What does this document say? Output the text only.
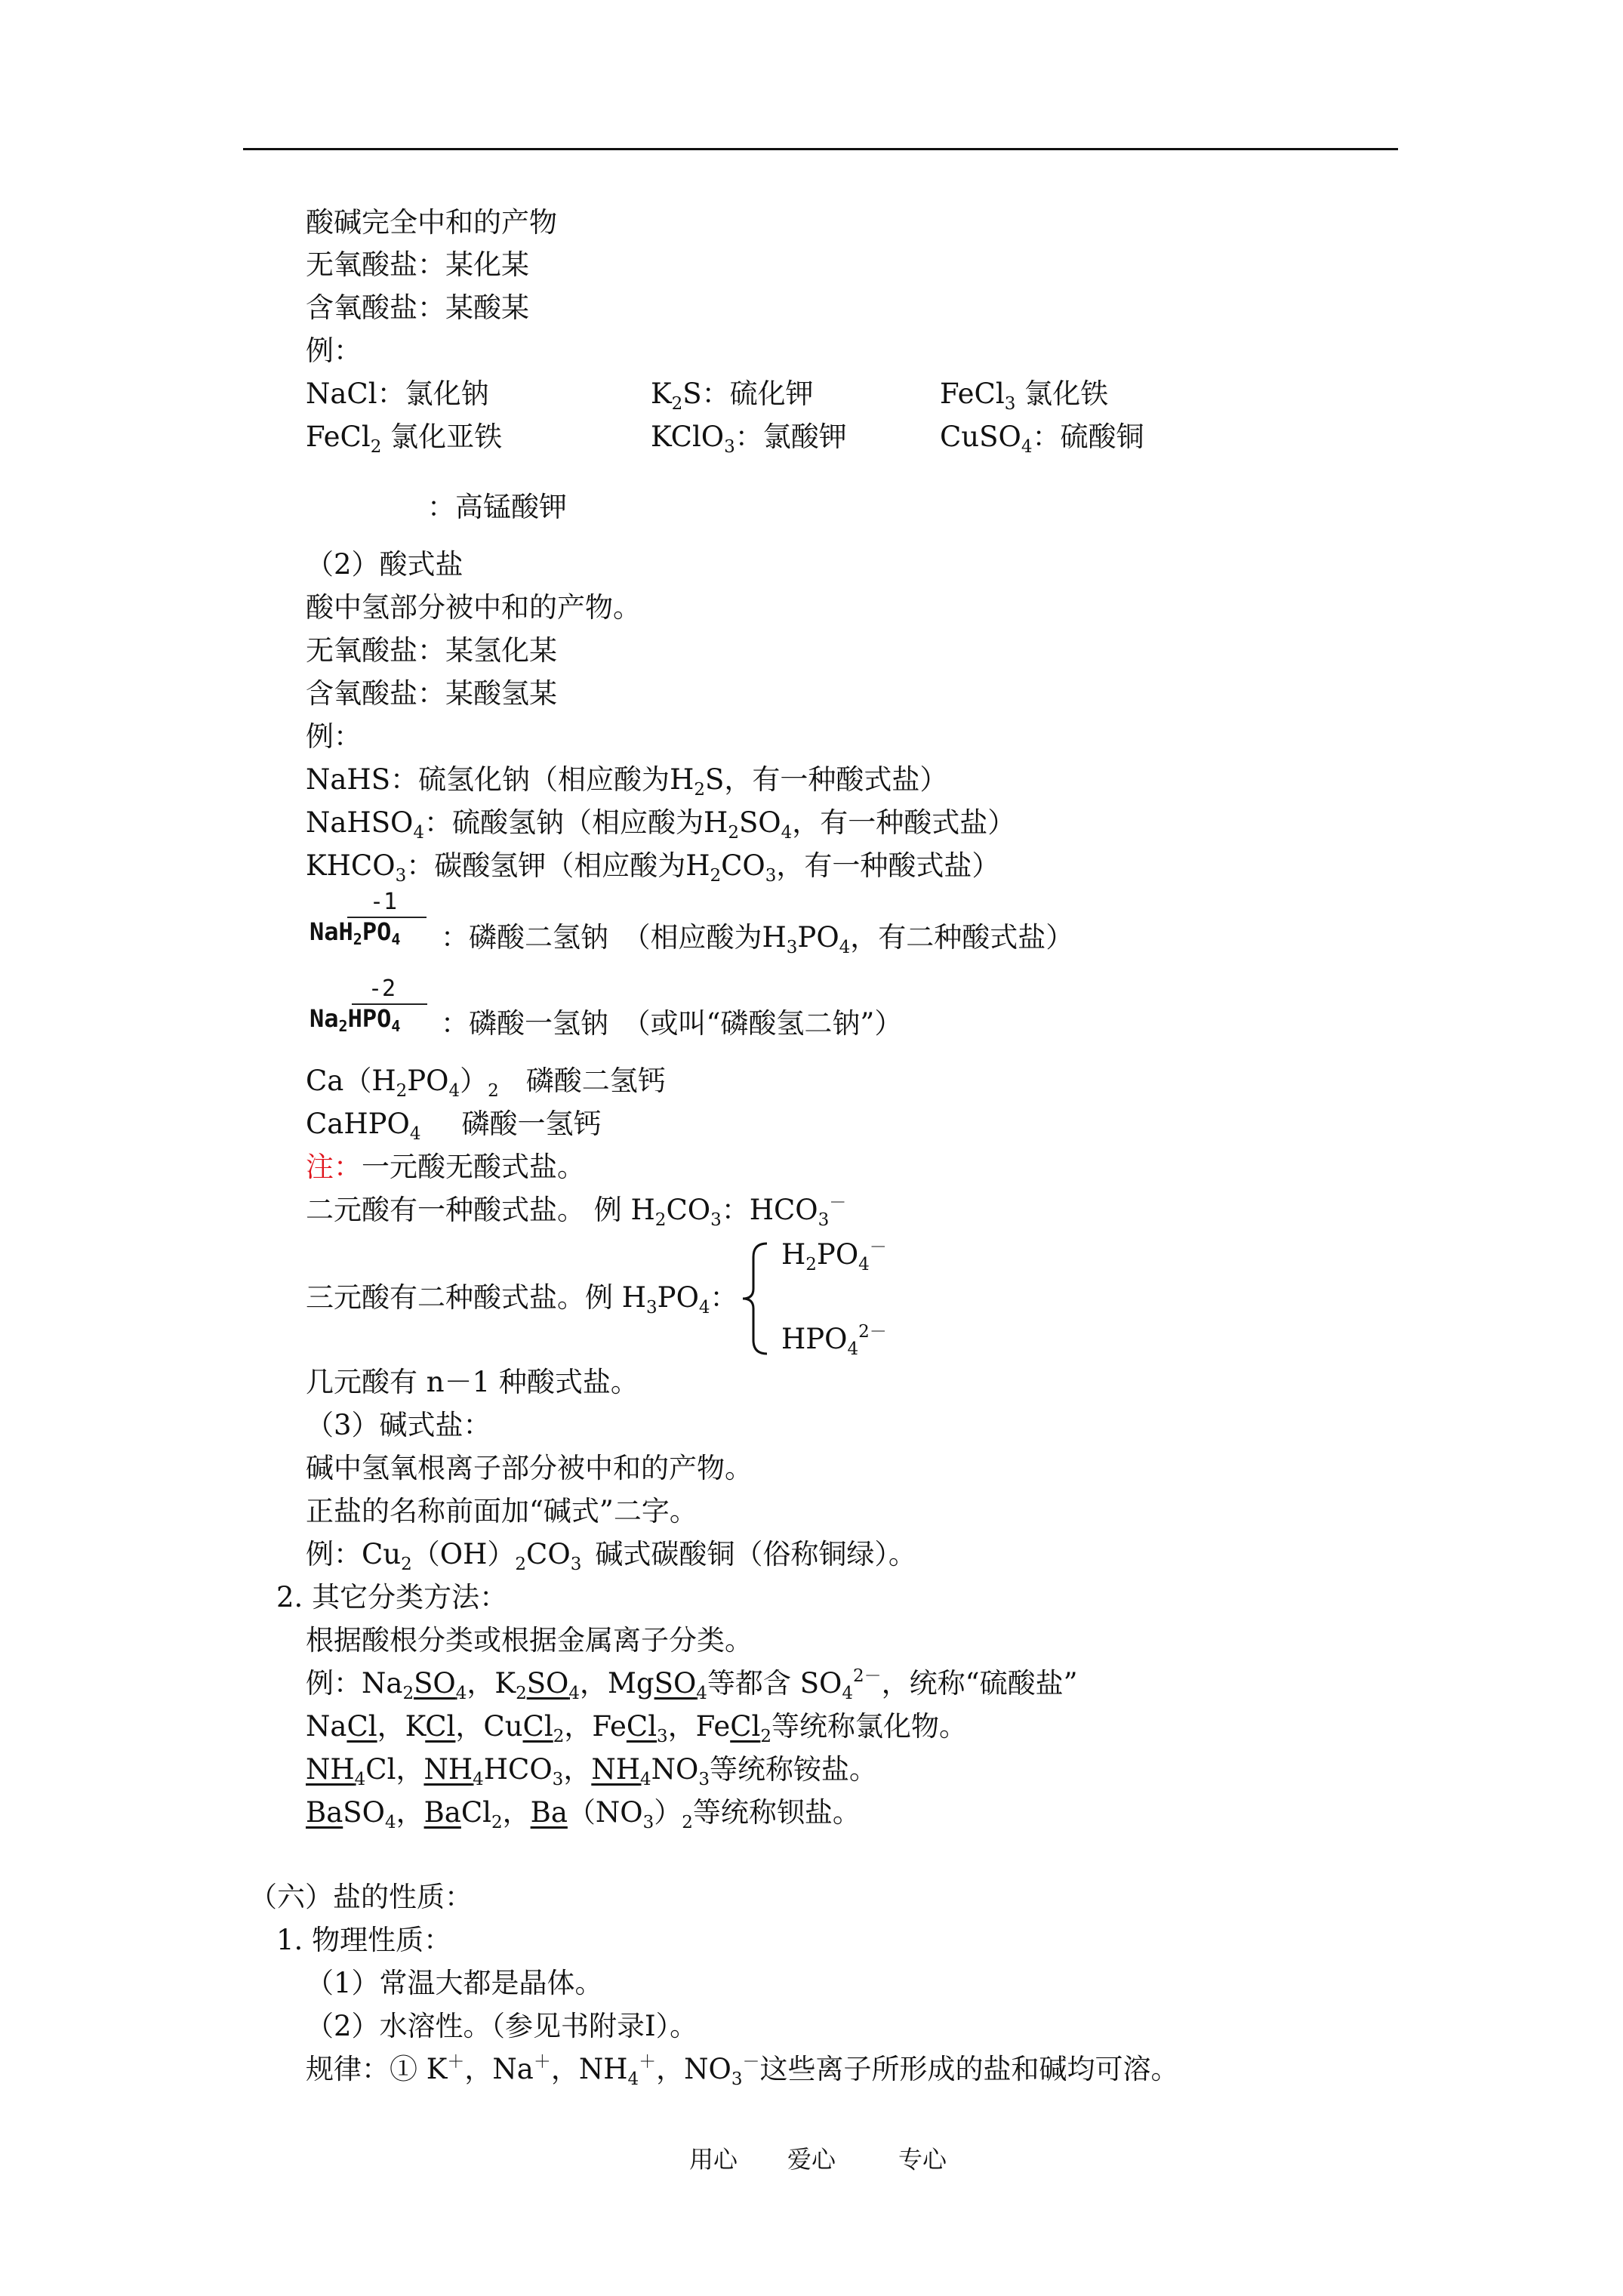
酸碱完全中和的产物
无氧酸盐：某化某
含氧酸盐：某酸某
例：
NaCl：氯化钠	$K_2S$：硫化钾	FeCl$_3$ 氯化铁
FeCl$_2$ 氯化亚铁	KClO$_3$：氯酸钾	CuSO$_4$：硫酸铜
：高锰酸钾
（2）酸式盐
酸中氢部分被中和的产物。
无氧酸盐：某氢化某
含氧酸盐：某酸氢某
例：
NaHS：硫氢化钠（相应酸为$H_2S$，有一种酸式盐）
NaHSO$_4$：硫酸氢钠（相应酸为$H_2SO_4$，有一种酸式盐）
$KHCO_3$：碳酸氢钾（相应酸为$H_2CO_3$，有一种酸式盐）
-1
$NaH_2PO_4$ ：磷酸二氢钠　（相应酸为$H_3PO_4$，有二种酸式盐）
-2
$Na_2HPO_4$ ：磷酸一氢钠　（或叫“磷酸氢二钠”）
$Ca(H_2PO_4)_2$ 磷酸二氢钙
CaHPO$_4$ 磷酸一氢钙
注：一元酸无酸式盐。
二元酸有一种酸式盐。 例 $H_2CO_3$：$HCO_3^-$
三元酸有二种酸式盐。例 $H_3PO_4$：
$H_2PO_4^-$
$HPO_4^{2-}$
几元酸有 n－1 种酸式盐。
（3）碱式盐：
碱中氢氧根离子部分被中和的产物。
正盐的名称前面加“碱式”二字。
例：$Cu_2(OH)_2CO_3$ 碱式碳酸铜（俗称铜绿）。
2. 其它分类方法：
根据酸根分类或根据金属离子分类。
例：$Na_2SO_4$，$K_2SO_4$，MgSO$_4$等都含 $SO_4^{2-}$，统称“硫酸盐”
NaCl，KCl，CuCl$_2$，FeCl$_3$，FeCl$_2$等统称氯化物。
$NH_4Cl$，$NH_4HCO_3$，$NH_4NO_3$等统称铵盐。
BaSO$_4$，BaCl$_2$，$Ba(NO_3)_2$等统称钡盐。
（六）盐的性质：
1. 物理性质：
（1）常温大都是晶体。
（2）水溶性。（参见书附录Ⅰ）。
规律：① K＋，Na＋，$NH_4^+$，$NO_3^-$这些离子所形成的盐和碱均可溶。
用心 爱心	专心
